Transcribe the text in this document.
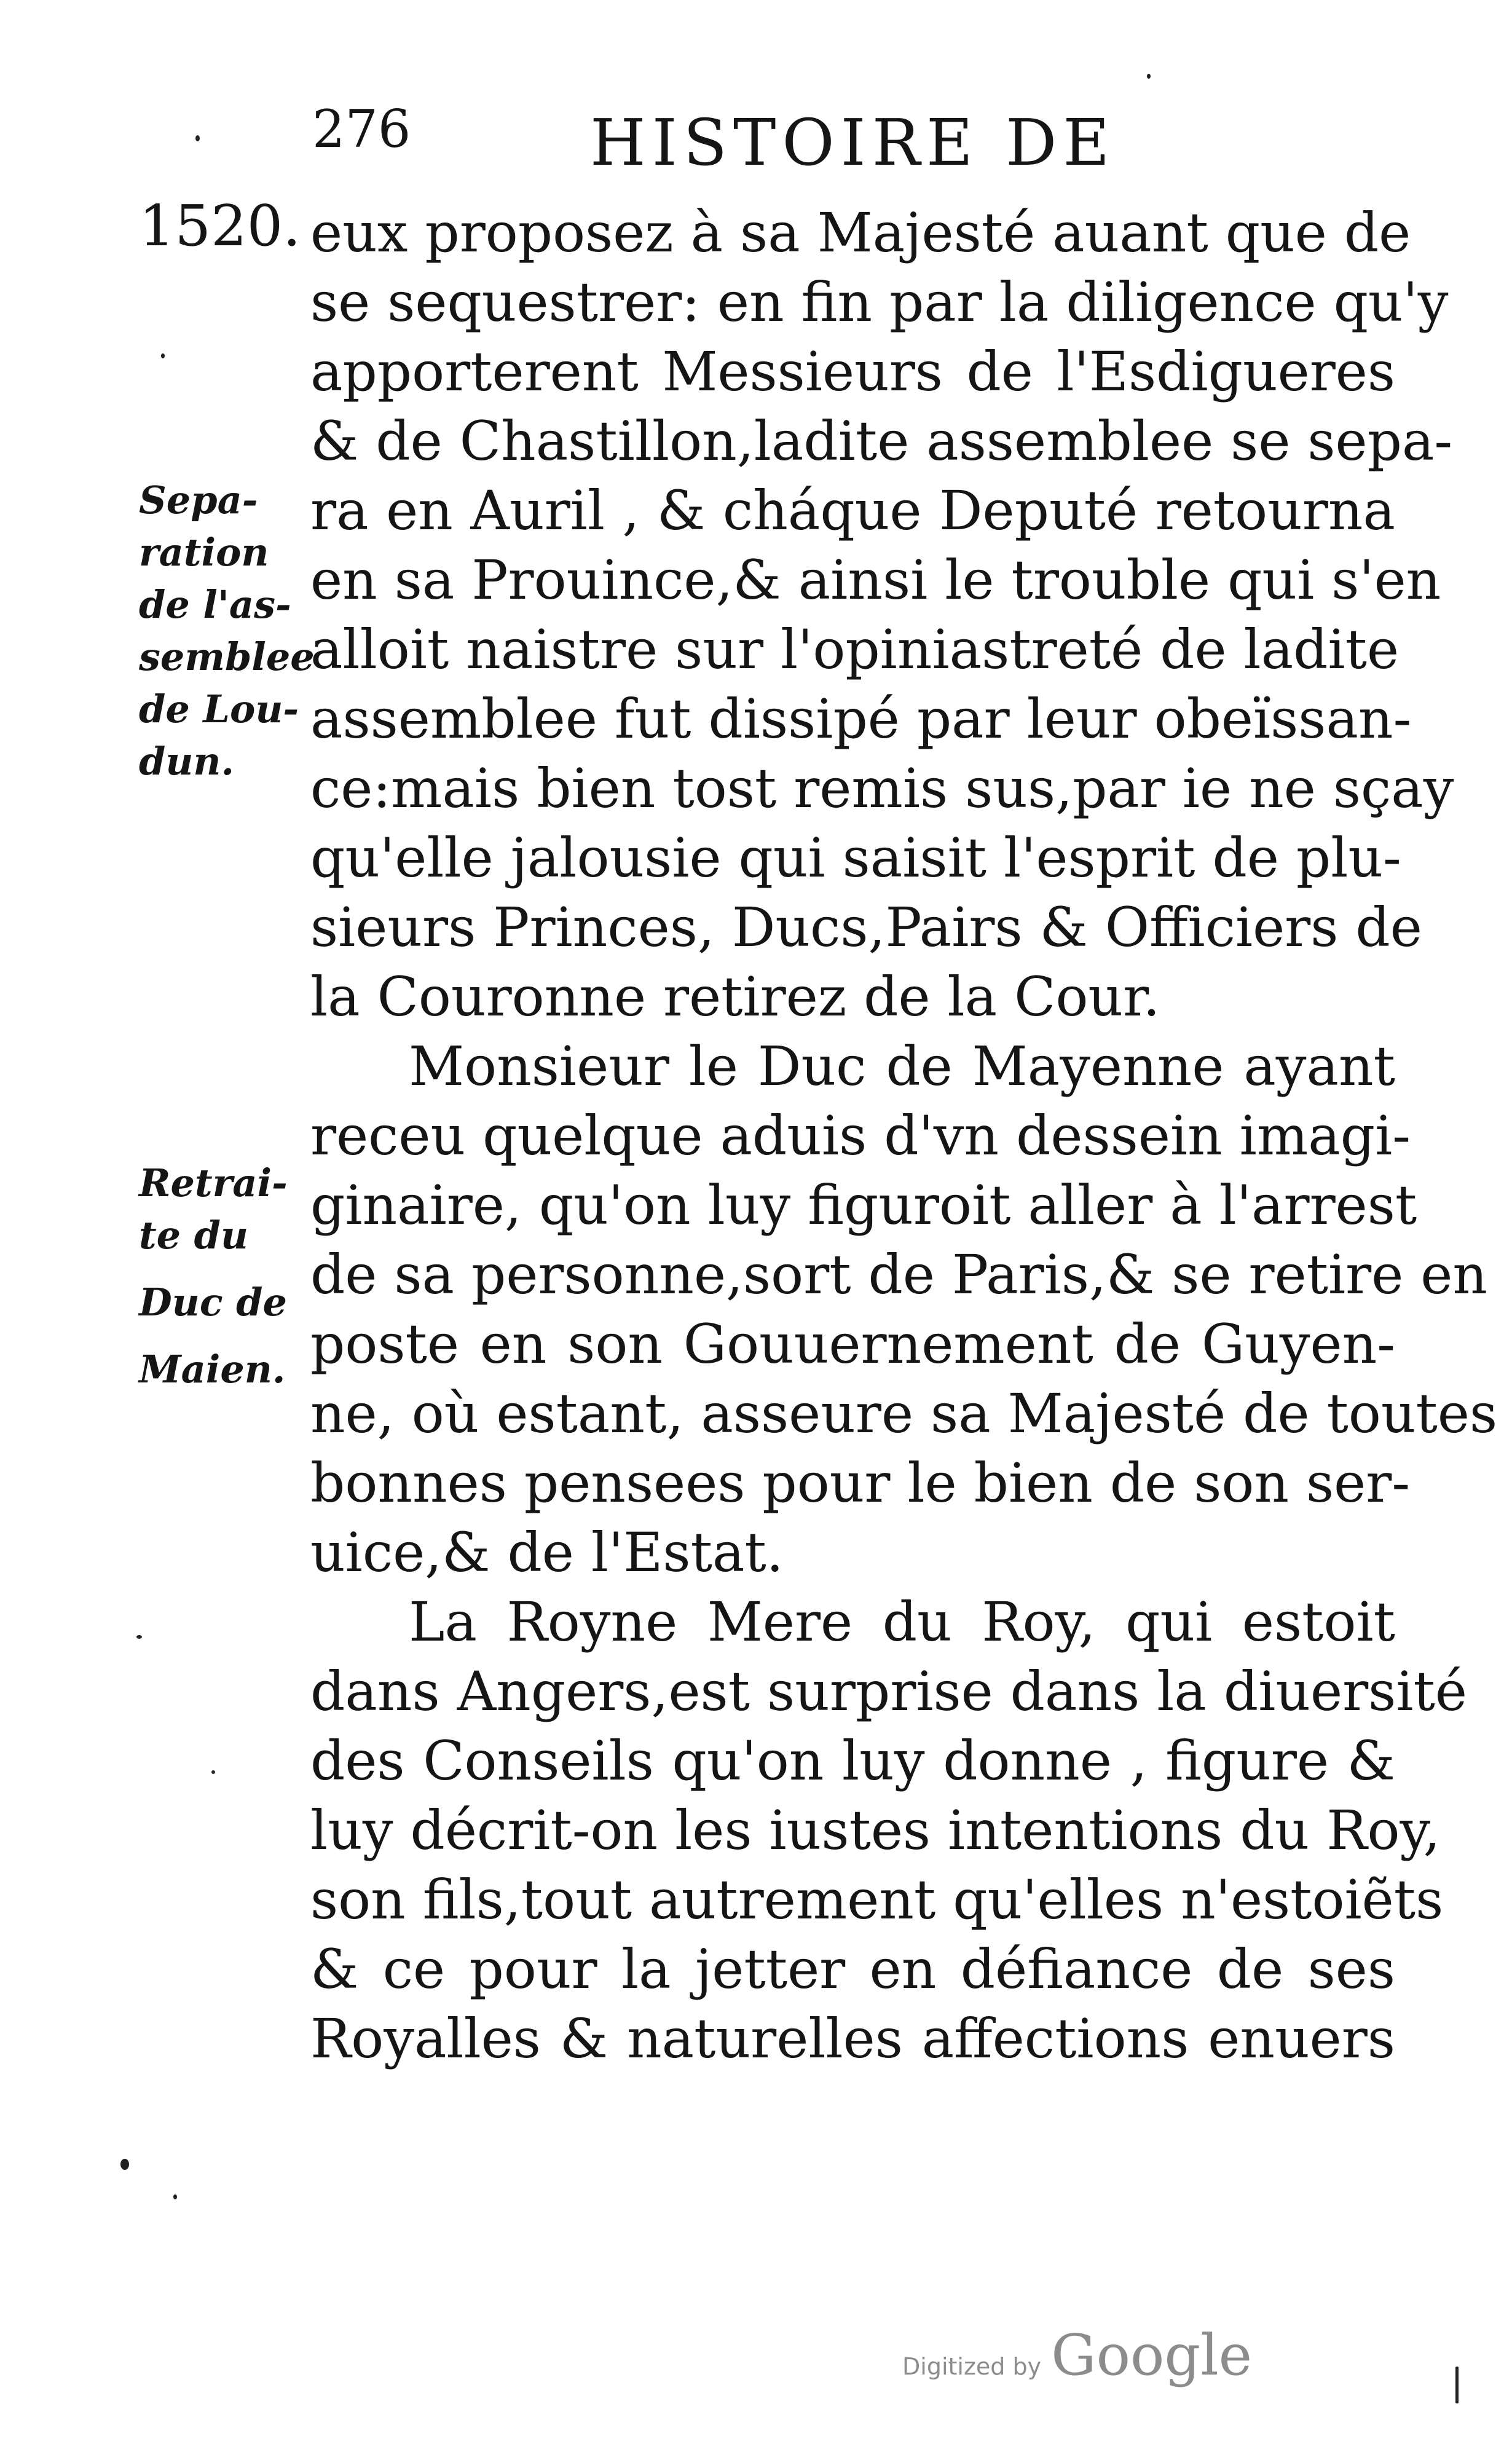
276	HISTOIRE DE
1520.
Sepa-
ration
de l'as-
semblee
de Lou-
dun.
Retrai-
te du
Duc de
Maien.
eux proposez à sa Majesté auant que de
se sequestrer: en fin par la diligence qu'y
apporterent Messieurs de l'Esdigueres
& de Chastillon,ladite assemblee se sepa-
ra en Auril , & cháque Deputé retourna
en sa Prouince,& ainsi le trouble qui s'en
alloit naistre sur l'opiniastreté de ladite
assemblee fut dissipé par leur obeïssan-
ce:mais bien tost remis sus,par ie ne sçay
qu'elle jalousie qui saisit l'esprit de plu-
sieurs Princes, Ducs,Pairs & Officiers de
la Couronne retirez de la Cour.
Monsieur le Duc de Mayenne ayant
receu quelque aduis d'vn dessein imagi-
ginaire, qu'on luy figuroit aller à l'arrest
de sa personne,sort de Paris,& se retire en
poste en son Gouuernement de Guyen-
ne, où estant, asseure sa Majesté de toutes
bonnes pensees pour le bien de son ser-
uice,& de l'Estat.
La Royne Mere du Roy, qui estoit
dans Angers,est surprise dans la diuersité
des Conseils qu'on luy donne , figure &
luy décrit-on les iustes intentions du Roy,
son fils,tout autrement qu'elles n'estoiẽts
& ce pour la jetter en défiance de ses
Royalles & naturelles affections enuers
Digitized by Google
